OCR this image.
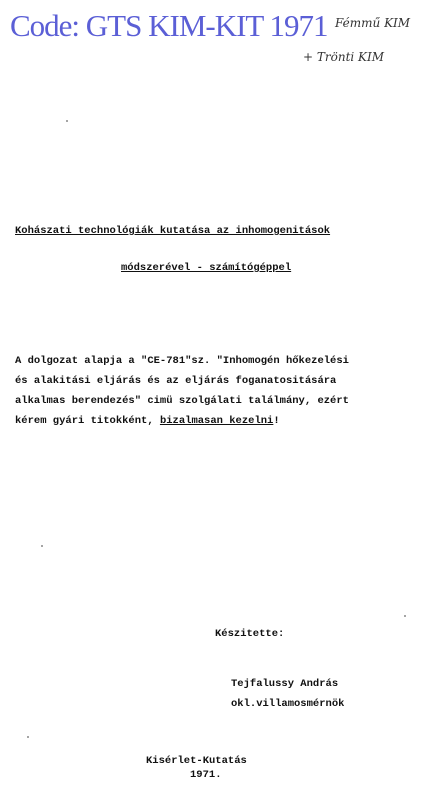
Code: GTS KIM-KIT 1971 Fémmű KIM
+ Trönti KIM
Kohászati technológiák kutatása az inhomogenitások
módszerével - számítógéppel
A dolgozat alapja a "CE-781"sz. "Inhomogén hőkezelési
és alakitási eljárás és az eljárás foganatositására
alkalmas berendezés" cimü szolgálati találmány, ezért
kérem gyári titokként, bizalmasan kezelni!
Készitette:
Tejfalussy András
okl.villamosmérnök
Kisérlet-Kutatás
1971.
